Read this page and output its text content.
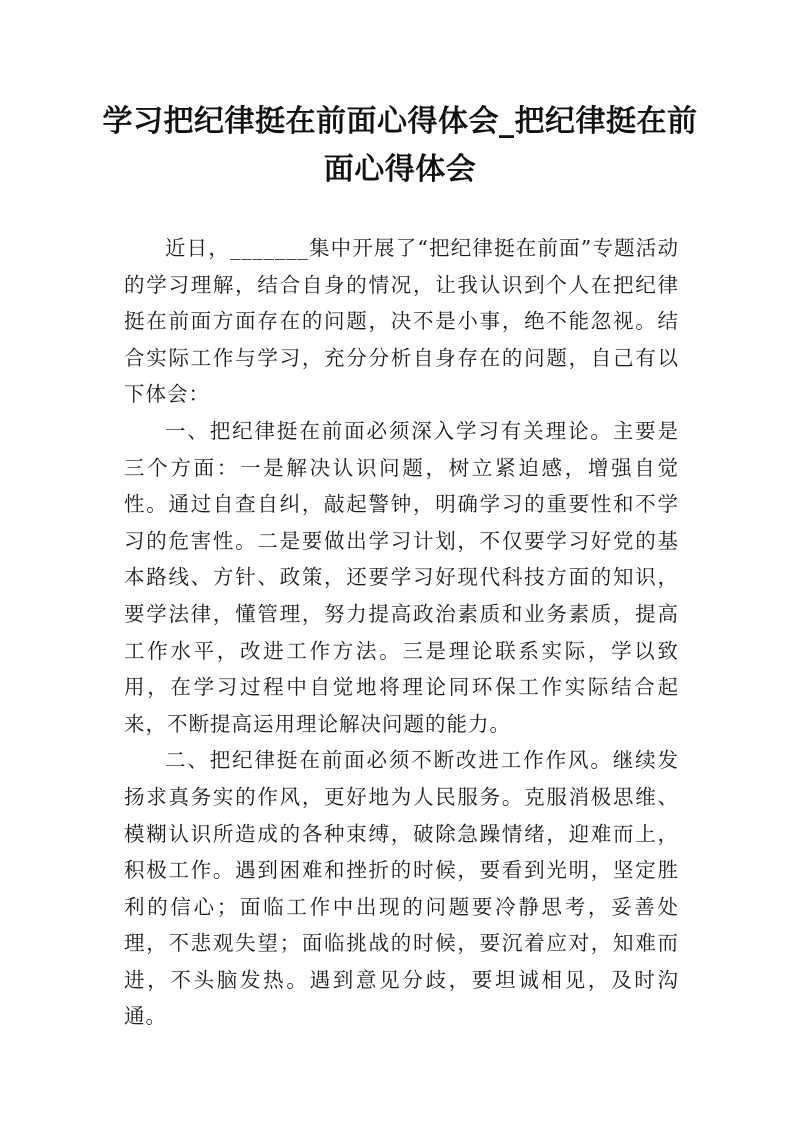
学习把纪律挺在前面心得体会_把纪律挺在前面心得体会

近日，_______集中开展了“把纪律挺在前面”专题活动的学习理解，结合自身的情况，让我认识到个人在把纪律挺在前面方面存在的问题，决不是小事，绝不能忽视。结合实际工作与学习，充分分析自身存在的问题，自己有以下体会：

一、把纪律挺在前面必须深入学习有关理论。主要是三个方面：一是解决认识问题，树立紧迫感，增强自觉性。通过自查自纠，敲起警钟，明确学习的重要性和不学习的危害性。二是要做出学习计划，不仅要学习好党的基本路线、方针、政策，还要学习好现代科技方面的知识，要学法律，懂管理，努力提高政治素质和业务素质，提高工作水平，改进工作方法。三是理论联系实际，学以致用，在学习过程中自觉地将理论同环保工作实际结合起来，不断提高运用理论解决问题的能力。

二、把纪律挺在前面必须不断改进工作作风。继续发扬求真务实的作风，更好地为人民服务。克服消极思维、模糊认识所造成的各种束缚，破除急躁情绪，迎难而上，积极工作。遇到困难和挫折的时候，要看到光明，坚定胜利的信心；面临工作中出现的问题要冷静思考，妥善处理，不悲观失望；面临挑战的时候，要沉着应对，知难而进，不头脑发热。遇到意见分歧，要坦诚相见，及时沟通。
